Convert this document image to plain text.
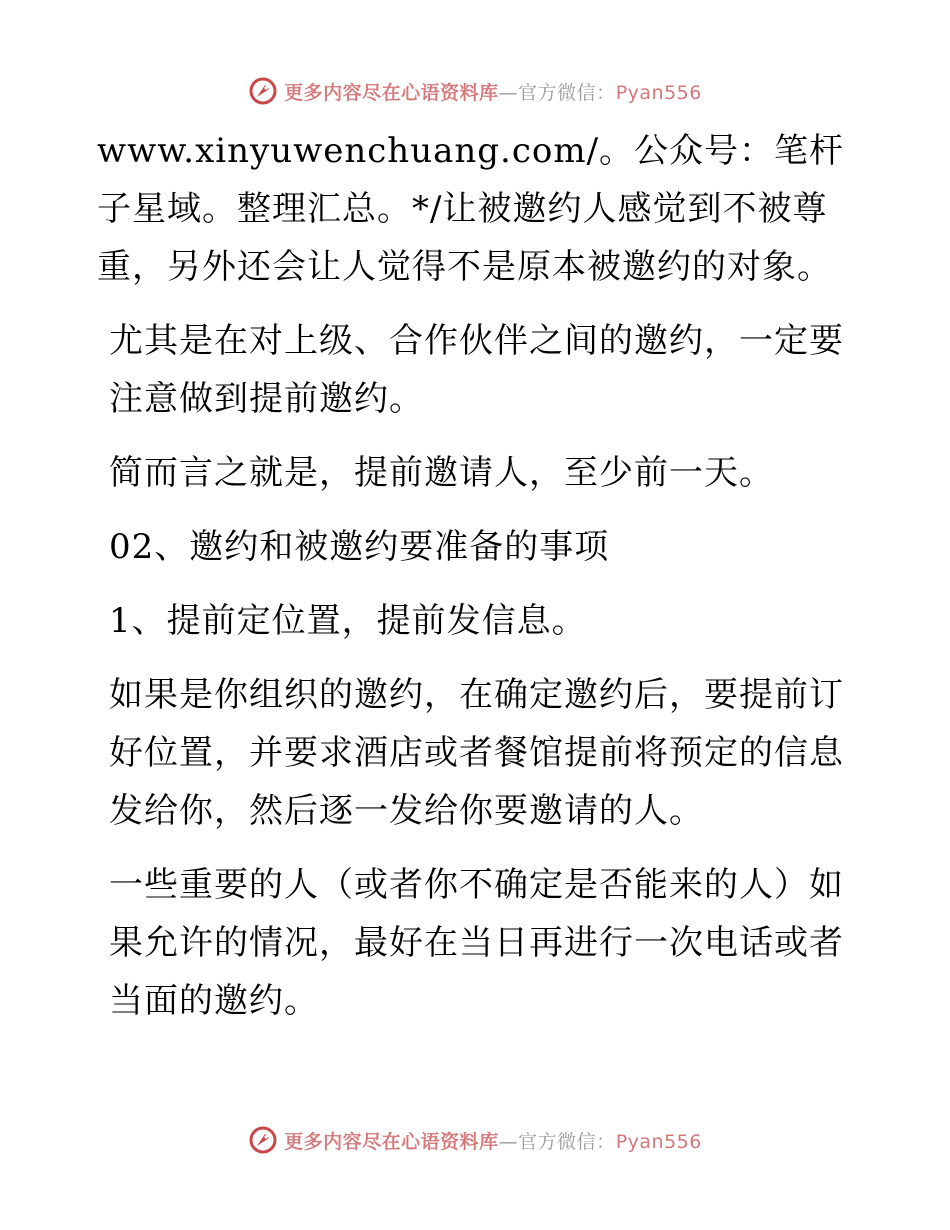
更多内容尽在心语资料库—官方微信：Pyan556

www.xinyuwenchuang.com/。公众号：笔杆子星域。整理汇总。*/让被邀约人感觉到不被尊重，另外还会让人觉得不是原本被邀约的对象。

尤其是在对上级、合作伙伴之间的邀约，一定要注意做到提前邀约。

简而言之就是，提前邀请人，至少前一天。

02、邀约和被邀约要准备的事项

1、提前定位置，提前发信息。

如果是你组织的邀约，在确定邀约后，要提前订好位置，并要求酒店或者餐馆提前将预定的信息发给你，然后逐一发给你要邀请的人。

一些重要的人（或者你不确定是否能来的人）如果允许的情况，最好在当日再进行一次电话或者当面的邀约。

更多内容尽在心语资料库—官方微信：Pyan556
